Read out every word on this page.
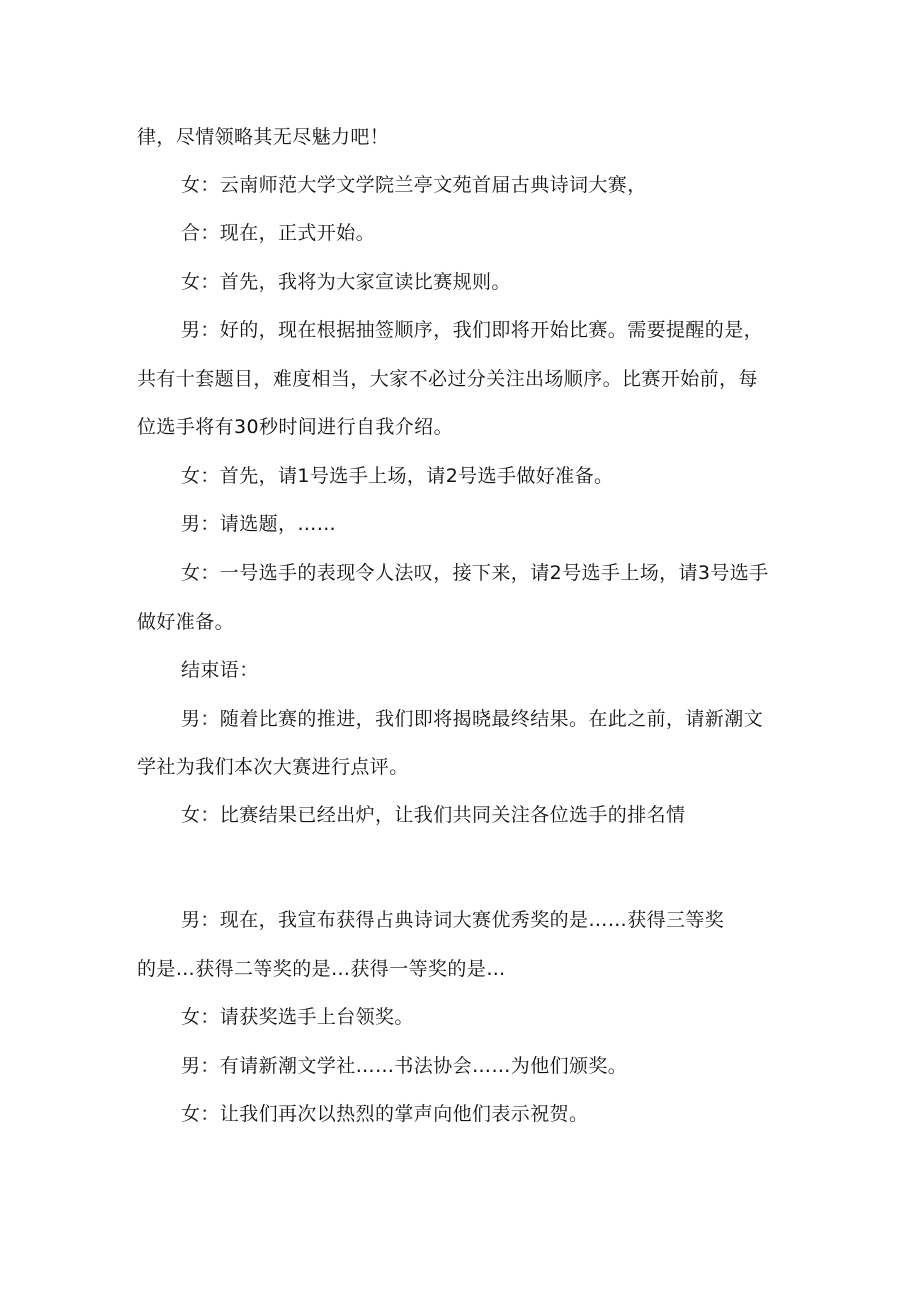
律，尽情领略其无尽魅力吧！
女：云南师范大学文学院兰亭文苑首届古典诗词大赛，
合：现在，正式开始。
女：首先，我将为大家宣读比赛规则。
男：好的，现在根据抽签顺序，我们即将开始比赛。需要提醒的是，
共有十套题目，难度相当，大家不必过分关注出场顺序。比赛开始前，每
位选手将有30秒时间进行自我介绍。
女：首先，请1号选手上场，请2号选手做好准备。
男：请选题，……
女：一号选手的表现令人法叹，接下来，请2号选手上场，请3号选手
做好准备。
结束语：
男：随着比赛的推进，我们即将揭晓最终结果。在此之前，请新潮文
学社为我们本次大赛进行点评。
女：比赛结果已经出炉，让我们共同关注各位选手的排名情
男：现在，我宣布获得占典诗词大赛优秀奖的是……获得三等奖
的是…获得二等奖的是…获得一等奖的是…
女：请获奖选手上台领奖。
男：有请新潮文学社……书法协会……为他们颁奖。
女：让我们再次以热烈的掌声向他们表示祝贺。
